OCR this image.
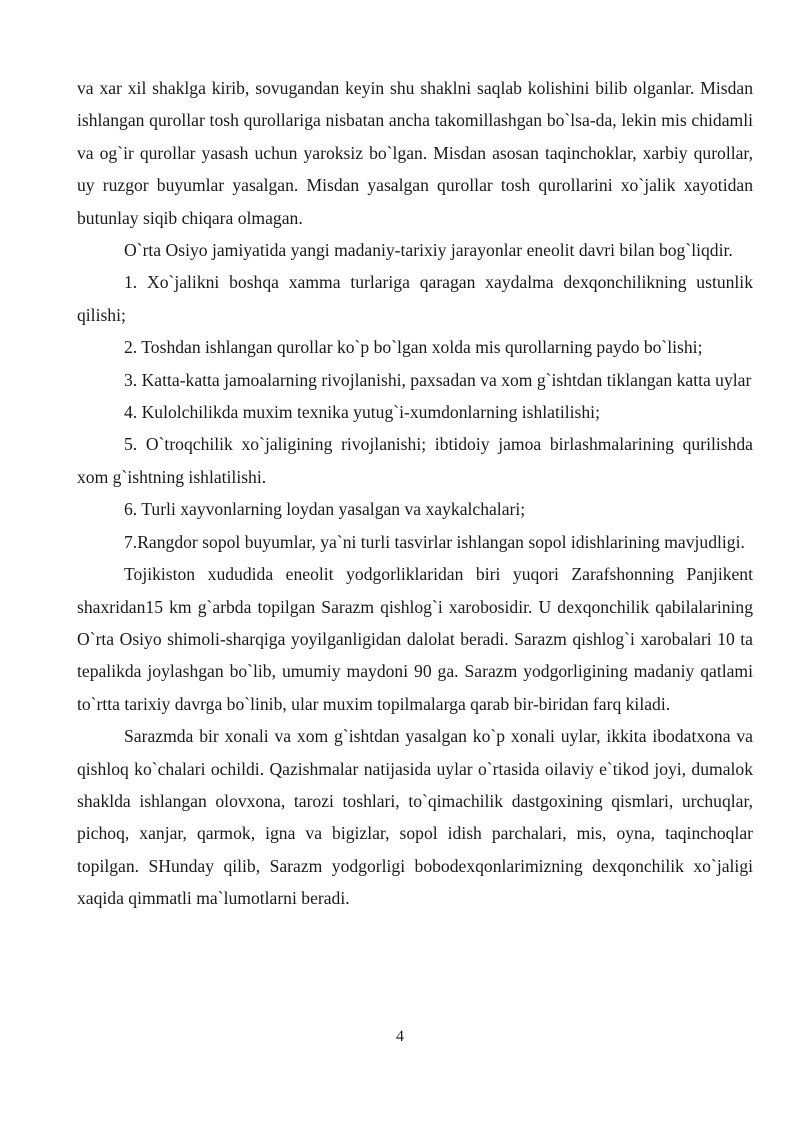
va xar xil shaklga kirib, sovugandan keyin shu shaklni saqlab kolishini bilib olganlar. Misdan ishlangan qurollar tosh qurollariga nisbatan ancha takomillashgan bo`lsa-da, lekin mis chidamli va og`ir qurollar yasash uchun yaroksiz bo`lgan. Misdan asosan taqinchoklar, xarbiy qurollar, uy ruzgor buyumlar yasalgan. Misdan yasalgan qurollar tosh qurollarini xo`jalik xayotidan butunlay siqib chiqara olmagan.

O`rta Osiyo jamiyatida yangi madaniy-tarixiy jarayonlar eneolit davri bilan bog`liqdir.

1. Xo`jalikni boshqa xamma turlariga qaragan xaydalma dexqonchilikning ustunlik qilishi;

2. Toshdan ishlangan qurollar ko`p bo`lgan xolda mis qurollarning paydo bo`lishi;

3. Katta-katta jamoalarning rivojlanishi, paxsadan va xom g`ishtdan tiklangan katta uylar

4. Kulolchilikda muxim texnika yutug`i-xumdonlarning ishlatilishi;

5. O`troqchilik xo`jaligining rivojlanishi; ibtidoiy jamoa birlashmalarining qurilishda xom g`ishtning ishlatilishi.

6. Turli xayvonlarning loydan yasalgan va xaykalchalari;

7.Rangdor sopol buyumlar, ya`ni turli tasvirlar ishlangan sopol idishlarining mavjudligi.

Tojikiston xududida eneolit yodgorliklaridan biri yuqori Zarafshonning Panjikent shaxridan15 km g`arbda topilgan Sarazm qishlog`i xarobosidir. U dexqonchilik qabilalarining O`rta Osiyo shimoli-sharqiga yoyilganligidan dalolat beradi. Sarazm qishlog`i xarobalari 10 ta tepalikda joylashgan bo`lib, umumiy maydoni 90 ga. Sarazm yodgorligining madaniy qatlami to`rtta tarixiy davrga bo`linib, ular muxim topilmalarga qarab bir-biridan farq kiladi.

Sarazmda bir xonali va xom g`ishtdan yasalgan ko`p xonali uylar, ikkita ibodatxona va qishloq ko`chalari ochildi. Qazishmalar natijasida uylar o`rtasida oilaviy e`tikod joyi, dumalok shaklda ishlangan olovxona, tarozi toshlari, to`qimachilik dastgoxining qismlari, urchuqlar, pichoq, xanjar, qarmok, igna va bigizlar, sopol idish parchalari, mis, oyna, taqinchoqlar topilgan. SHunday qilib, Sarazm yodgorligi bobodexqonlarimizning dexqonchilik xo`jaligi xaqida qimmatli ma`lumotlarni beradi.

4
